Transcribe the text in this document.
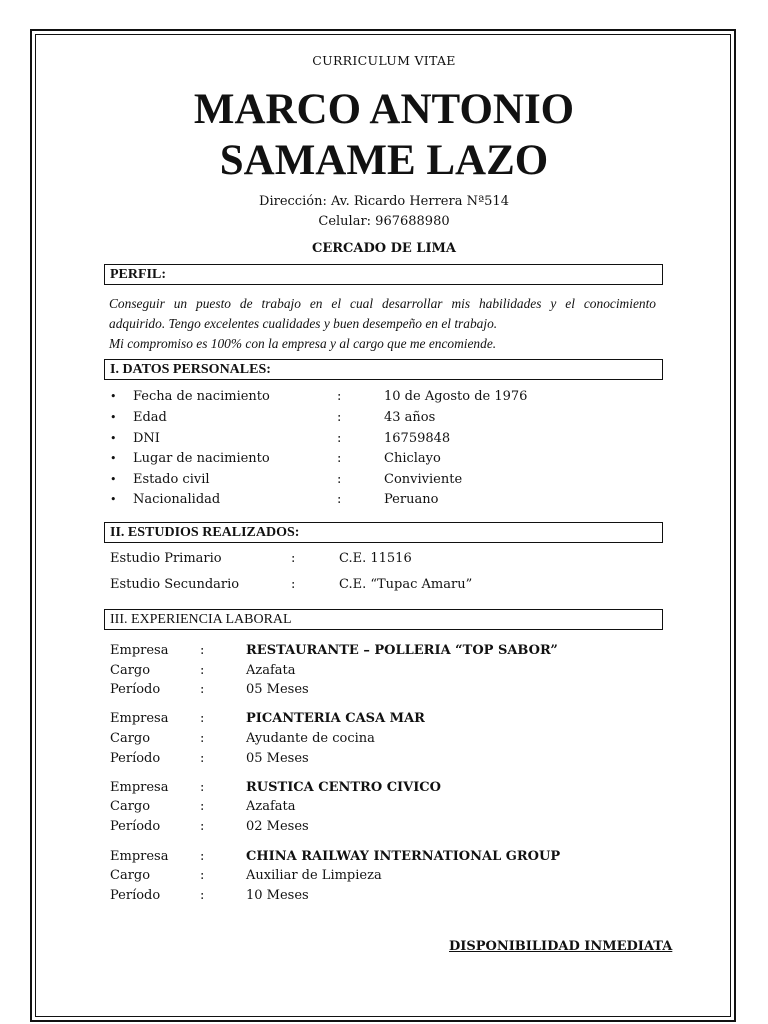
CURRICULUM VITAE
MARCO ANTONIO
SAMAME LAZO
Dirección: Av. Ricardo Herrera Nª514
Celular: 967688980
CERCADO DE LIMA
PERFIL:

Conseguir un puesto de trabajo en el cual desarrollar mis habilidades y el conocimiento

adquirido. Tengo excelentes cualidades y buen desempeño en el trabajo.

Mi compromiso es 100% con la empresa y al cargo que me encomiende.

I. DATOS PERSONALES:
• Fecha de nacimiento	:	10 de Agosto de 1976
• Edad	:	43 años
• DNI	:	16759848
• Lugar de nacimiento	:	Chiclayo
• Estado civil	:	Conviviente
• Nacionalidad	:	Peruano
II. ESTUDIOS REALIZADOS:
Estudio Primario	:	C.E. 11516
Estudio Secundario	:	C.E. “Tupac Amaru”
III. EXPERIENCIA LABORAL
Empresa :	RESTAURANTE – POLLERIA “TOP SABOR”
Cargo	:	Azafata
Período	:	05 Meses
Empresa :	PICANTERIA CASA MAR
Cargo	:	Ayudante de cocina
Período	:	05 Meses
Empresa :	RUSTICA CENTRO CIVICO
Cargo	:	Azafata
Período	:	02 Meses
Empresa :	CHINA RAILWAY INTERNATIONAL GROUP
Cargo	:	Auxiliar de Limpieza
Período	:	10 Meses
DISPONIBILIDAD INMEDIATA
